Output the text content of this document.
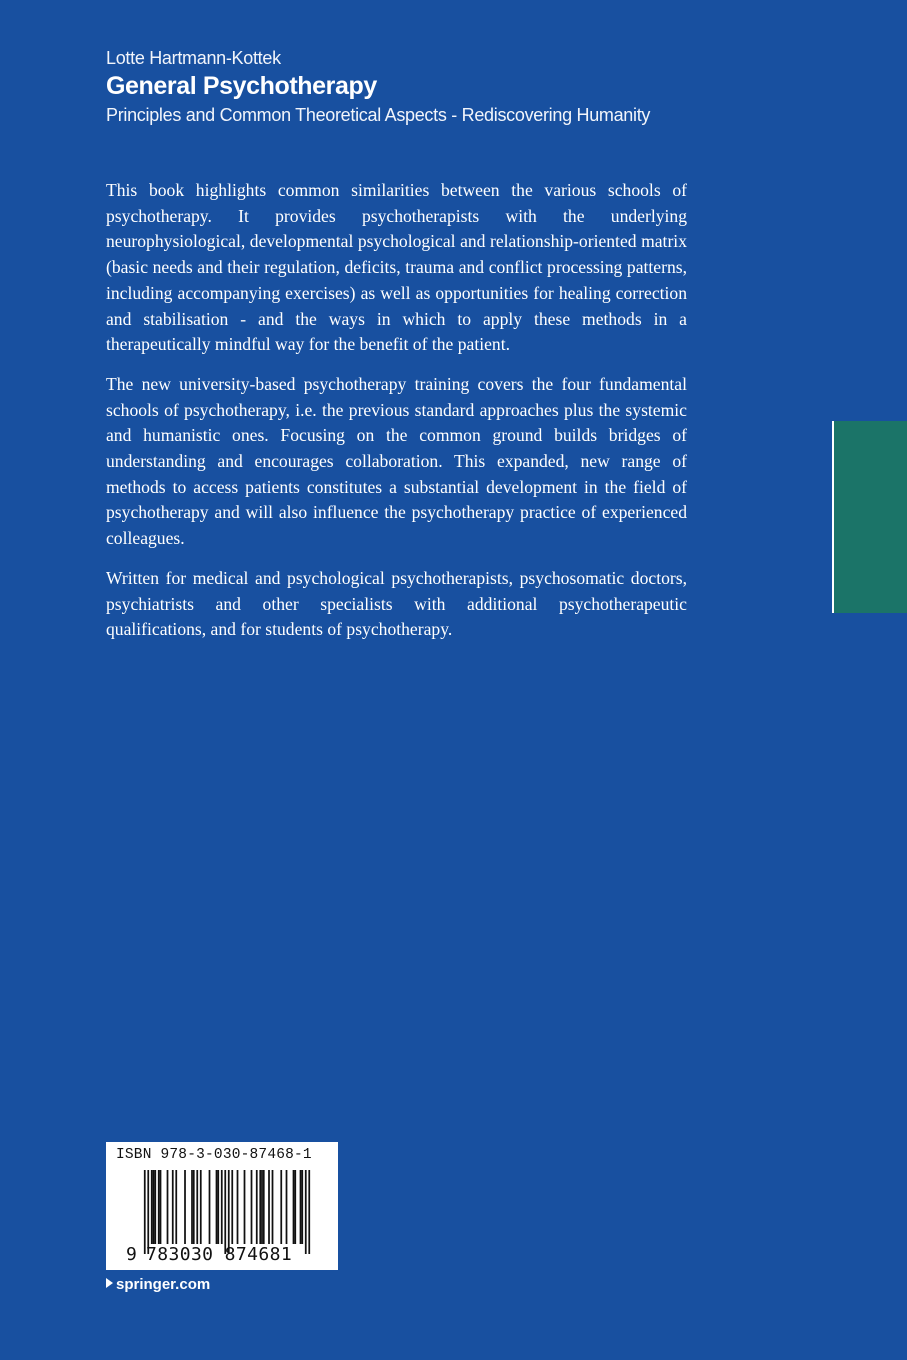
Lotte Hartmann-Kottek
General Psychotherapy
Principles and Common Theoretical Aspects - Rediscovering Humanity

This book highlights common similarities between the various schools of psychotherapy. It provides psychotherapists with the underlying neurophysiological, developmental psychological and relationship-oriented matrix (basic needs and their regulation, deficits, trauma and conflict processing patterns, including accompanying exercises) as well as opportunities for healing correction and stabilisation - and the ways in which to apply these methods in a therapeutically mindful way for the benefit of the patient.

The new university-based psychotherapy training covers the four fundamental schools of psychotherapy, i.e. the previous standard approaches plus the systemic and humanistic ones. Focusing on the common ground builds bridges of understanding and encourages collaboration. This expanded, new range of methods to access patients constitutes a substantial development in the field of psychotherapy and will also influence the psychotherapy practice of experienced colleagues.

Written for medical and psychological psychotherapists, psychosomatic doctors, psychiatrists and other specialists with additional psychotherapeutic qualifications, and for students of psychotherapy.

ISBN 978-3-030-87468-1
9 783030 874681
springer.com
